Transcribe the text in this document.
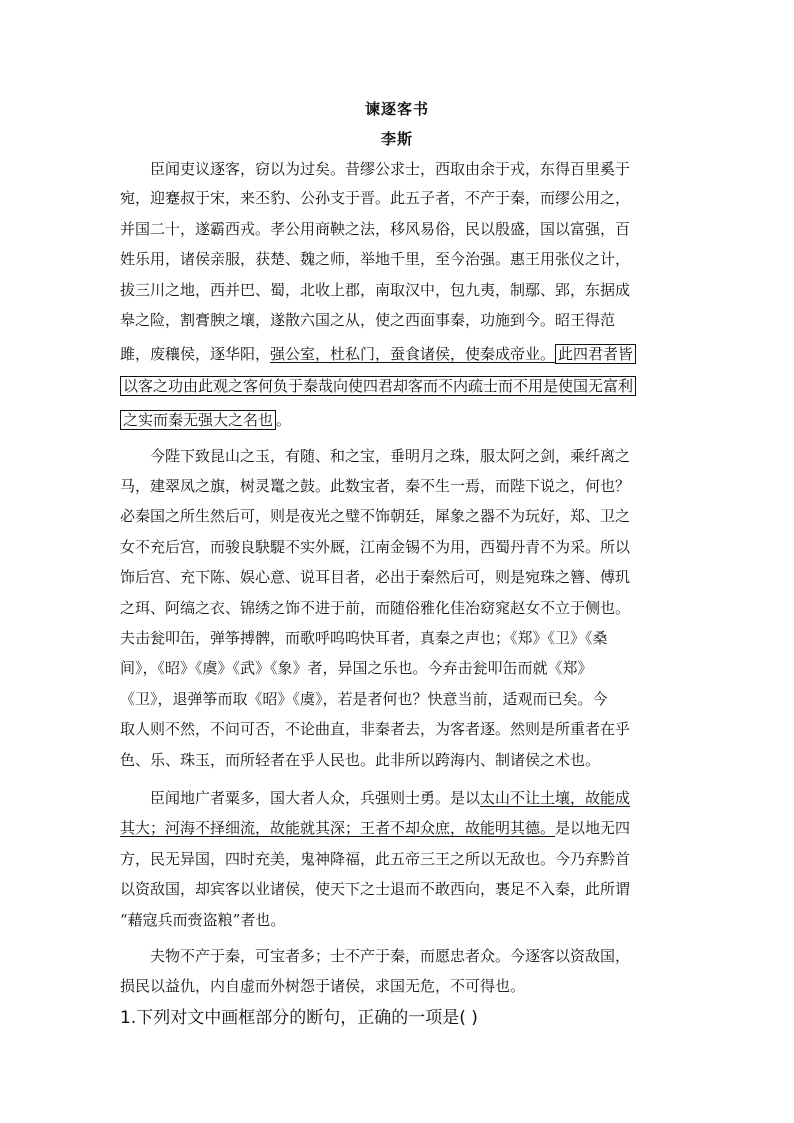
谏逐客书
李斯
臣闻吏议逐客，窃以为过矣。昔缪公求士，西取由余于戎，东得百里奚于
宛，迎蹇叔于宋，来丕豹、公孙支于晋。此五子者，不产于秦，而缪公用之，
并国二十，遂霸西戎。孝公用商鞅之法，移风易俗，民以殷盛，国以富强，百
姓乐用，诸侯亲服，获楚、魏之师，举地千里，至今治强。惠王用张仪之计，
拔三川之地，西并巴、蜀，北收上郡，南取汉中，包九夷，制鄢、郢，东据成
皋之险，割膏腴之壤，遂散六国之从，使之西面事秦，功施到今。昭王得范
雎，废穰侯，逐华阳，强公室，杜私门，蚕食诸侯，使秦成帝业。 此四君者皆
以客之功由此观之客何负于秦哉向使四君却客而不内疏士而不用是使国无富利
之实而秦无强大之名也 。
今陛下致昆山之玉，有随、和之宝，垂明月之珠，服太阿之剑，乘纤离之
马，建翠凤之旗，树灵鼍之鼓。此数宝者，秦不生一焉，而陛下说之，何也？
必秦国之所生然后可，则是夜光之璧不饰朝廷，犀象之器不为玩好，郑、卫之
女不充后宫，而骏良駃騠不实外厩，江南金锡不为用，西蜀丹青不为采。所以
饰后宫、充下陈、娱心意、说耳目者，必出于秦然后可，则是宛珠之簪、傅玑
之珥、阿缟之衣、锦绣之饰不进于前，而随俗雅化佳冶窈窕赵女不立于侧也。
夫击瓮叩缶，弹筝搏髀，而歌呼呜呜快耳者，真秦之声也；《郑》《卫》《桑
间》，《昭》《虞》《武》《象》者，异国之乐也。今弃击瓮叩缶而就《郑》
《卫》，退弹筝而取《昭》《虞》，若是者何也？快意当前，适观而已矣。今
取人则不然，不问可否，不论曲直，非秦者去，为客者逐。然则是所重者在乎
色、乐、珠玉，而所轻者在乎人民也。此非所以跨海内、制诸侯之术也。
臣闻地广者粟多，国大者人众，兵强则士勇。是以太山不让土壤，故能成
其大；河海不择细流，故能就其深；王者不却众庶，故能明其德。是以地无四
方，民无异国，四时充美，鬼神降福，此五帝三王之所以无敌也。今乃弃黔首
以资敌国，却宾客以业诸侯，使天下之士退而不敢西向，裹足不入秦，此所谓
“藉寇兵而赍盗粮”者也。
夫物不产于秦，可宝者多；士不产于秦，而愿忠者众。今逐客以资敌国，
损民以益仇，内自虚而外树怨于诸侯，求国无危，不可得也。
1.下列对文中画框部分的断句，正确的一项是( )
